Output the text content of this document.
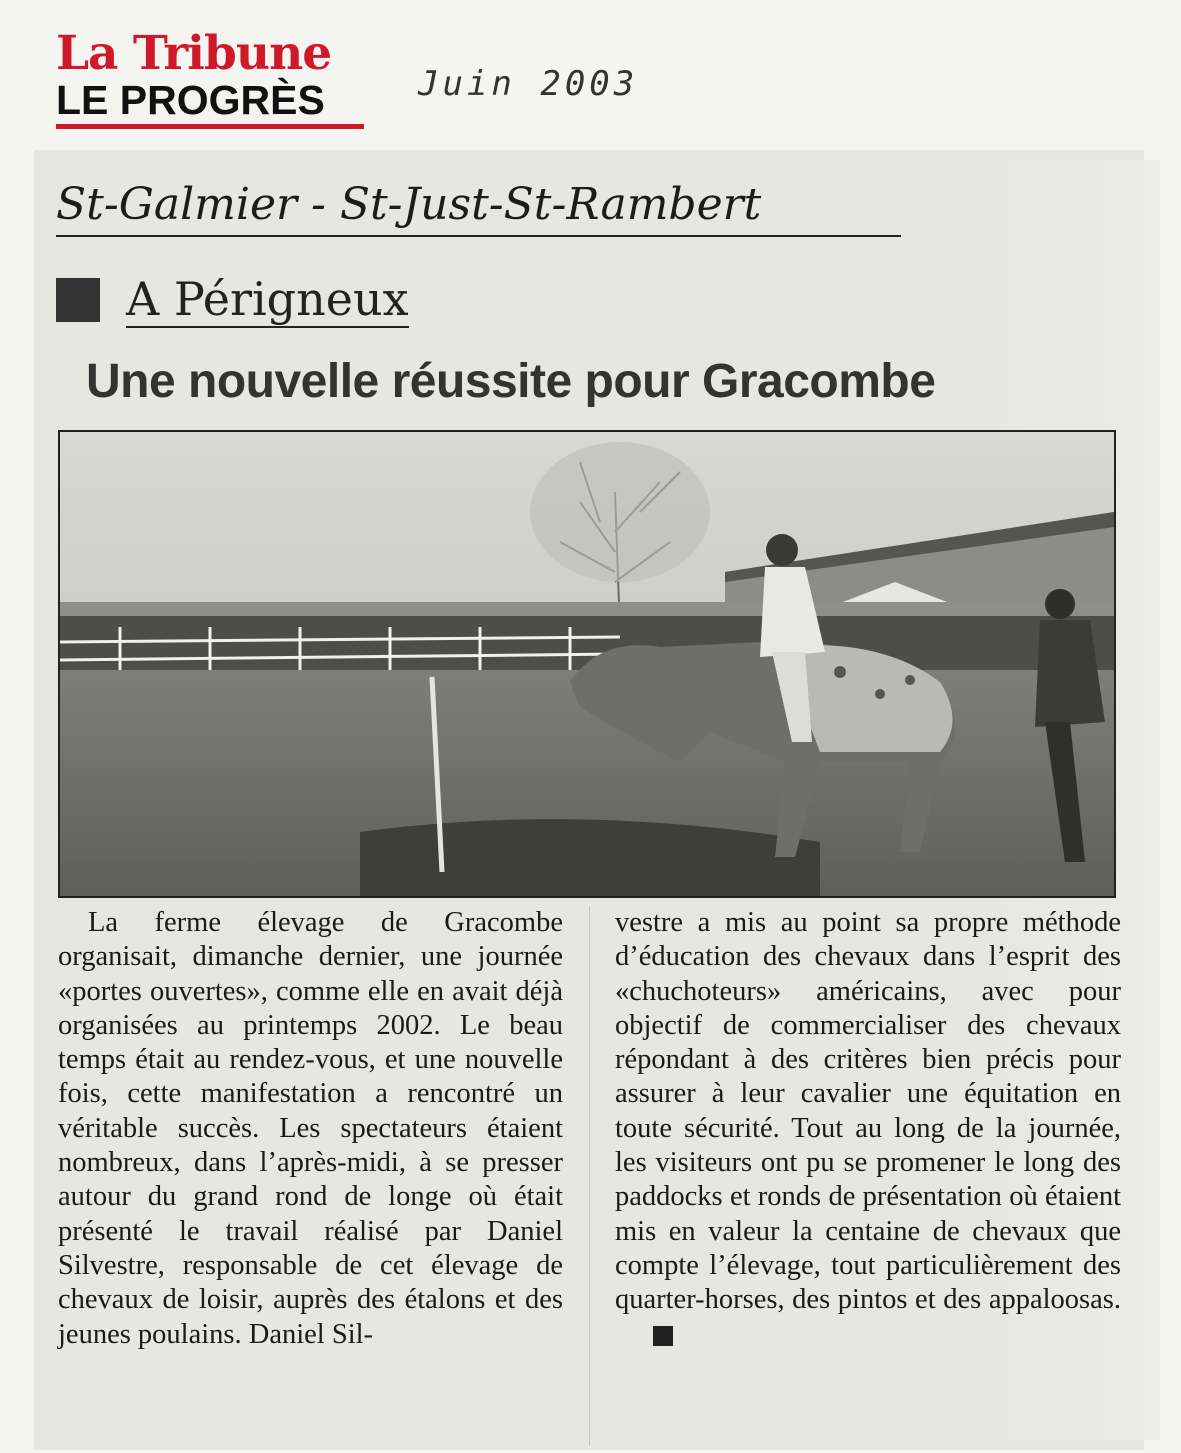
La Tribune
LE PROGRÈS	Juin 2003
St-Galmier - St-Just-St-Rambert
A Périgneux
Une nouvelle réussite pour Gracombe

La ferme élevage de Gracombe organisait, dimanche dernier, une journée «portes ouvertes», comme elle en avait déjà organisées au printemps 2002. Le beau temps était au rendez-vous, et une nouvelle fois, cette manifestation a rencontré un véritable succès. Les spectateurs étaient nombreux, dans l’après-midi, à se presser autour du grand rond de longe où était présenté le travail réalisé par Daniel Silvestre, responsable de cet élevage de chevaux de loisir, auprès des étalons et des jeunes poulains. Daniel Sil-

vestre a mis au point sa propre méthode d’éducation des chevaux dans l’esprit des «chuchoteurs» américains, avec pour objectif de commercialiser des chevaux répondant à des critères bien précis pour assurer à leur cavalier une équitation en toute sécurité. Tout au long de la journée, les visiteurs ont pu se promener le long des paddocks et ronds de présentation où étaient mis en valeur la centaine de chevaux que compte l’élevage, tout particulièrement des quarter-horses, des pintos et des appaloosas.
